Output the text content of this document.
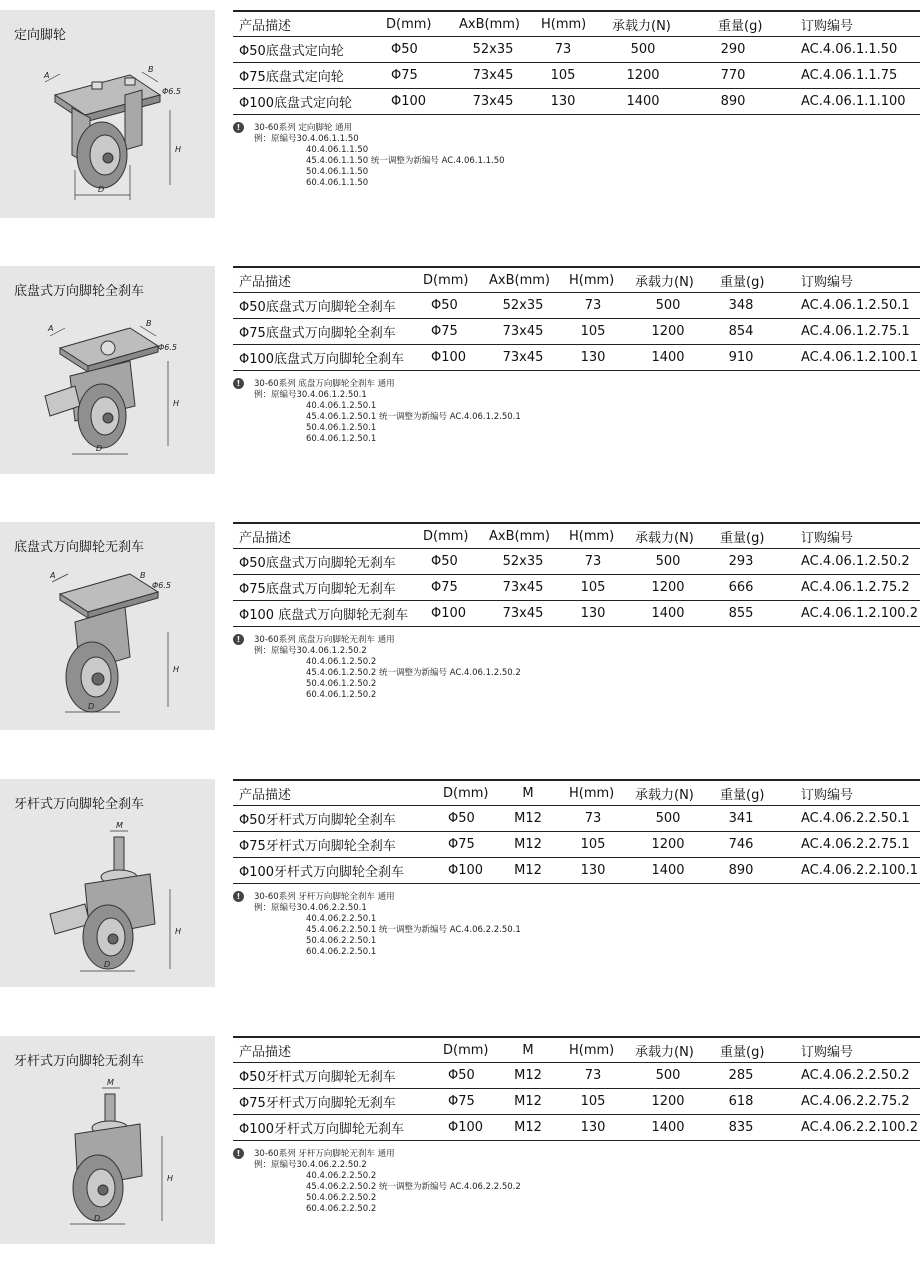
定向脚轮
A
B
Φ6.5
H
D
产品描述	D(mm) AxB(mm) H(mm) 承载力(N)	重量(g)	订购编号
Φ50底盘式定向轮	Φ50	52x35	73	500	290	AC.4.06.1.1.50
Φ75底盘式定向轮	Φ75	73x45	105	1200	770	AC.4.06.1.1.75
Φ100底盘式定向轮	Φ100	73x45	130	1400	890	AC.4.06.1.1.100
!	30-60系列 定向脚轮 通用
例：原编号30.4.06.1.1.50
40.4.06.1.1.50
45.4.06.1.1.50 统一调整为新编号 AC.4.06.1.1.50
50.4.06.1.1.50
60.4.06.1.1.50
底盘式万向脚轮全刹车
A
B
Φ6.5
H
D
产品描述	D(mm) AxB(mm) H(mm) 承载力(N) 重量(g)	订购编号
Φ50底盘式万向脚轮全刹车	Φ50	52x35	73	500	348	AC.4.06.1.2.50.1
Φ75底盘式万向脚轮全刹车	Φ75	73x45	105	1200	854	AC.4.06.1.2.75.1
Φ100底盘式万向脚轮全刹车 Φ100	73x45	130	1400	910	AC.4.06.1.2.100.1
!	30-60系列 底盘万向脚轮全刹车 通用
例：原编号30.4.06.1.2.50.1
40.4.06.1.2.50.1
45.4.06.1.2.50.1 统一调整为新编号 AC.4.06.1.2.50.1
50.4.06.1.2.50.1
60.4.06.1.2.50.1
底盘式万向脚轮无刹车
A	B
Φ6.5
H
D
产品描述	D(mm) AxB(mm) H(mm) 承载力(N) 重量(g)	订购编号
Φ50底盘式万向脚轮无刹车	Φ50	52x35	73	500	293	AC.4.06.1.2.50.2
Φ75底盘式万向脚轮无刹车	Φ75	73x45	105	1200	666	AC.4.06.1.2.75.2
Φ100 底盘式万向脚轮无刹车 Φ100	73x45	130	1400	855	AC.4.06.1.2.100.2
!	30-60系列 底盘万向脚轮无刹车 通用
例：原编号30.4.06.1.2.50.2
40.4.06.1.2.50.2
45.4.06.1.2.50.2 统一调整为新编号 AC.4.06.1.2.50.2
50.4.06.1.2.50.2
60.4.06.1.2.50.2
牙杆式万向脚轮全刹车
M
H
D
产品描述	D(mm)	M	H(mm) 承载力(N) 重量(g)	订购编号
Φ50牙杆式万向脚轮全刹车	Φ50	M12	73	500	341	AC.4.06.2.2.50.1
Φ75牙杆式万向脚轮全刹车	Φ75	M12	105	1200	746	AC.4.06.2.2.75.1
Φ100牙杆式万向脚轮全刹车	Φ100	M12	130	1400	890	AC.4.06.2.2.100.1
!	30-60系列 牙杆万向脚轮全刹车 通用
例：原编号30.4.06.2.2.50.1
40.4.06.2.2.50.1
45.4.06.2.2.50.1 统一调整为新编号 AC.4.06.2.2.50.1
50.4.06.2.2.50.1
60.4.06.2.2.50.1
牙杆式万向脚轮无刹车
M
H
D
产品描述	D(mm)	M	H(mm) 承载力(N) 重量(g)	订购编号
Φ50牙杆式万向脚轮无刹车	Φ50	M12	73	500	285	AC.4.06.2.2.50.2
Φ75牙杆式万向脚轮无刹车	Φ75	M12	105	1200	618	AC.4.06.2.2.75.2
Φ100牙杆式万向脚轮无刹车	Φ100	M12	130	1400	835	AC.4.06.2.2.100.2
!	30-60系列 牙杆万向脚轮无刹车 通用
例：原编号30.4.06.2.2.50.2
40.4.06.2.2.50.2
45.4.06.2.2.50.2 统一调整为新编号 AC.4.06.2.2.50.2
50.4.06.2.2.50.2
60.4.06.2.2.50.2
